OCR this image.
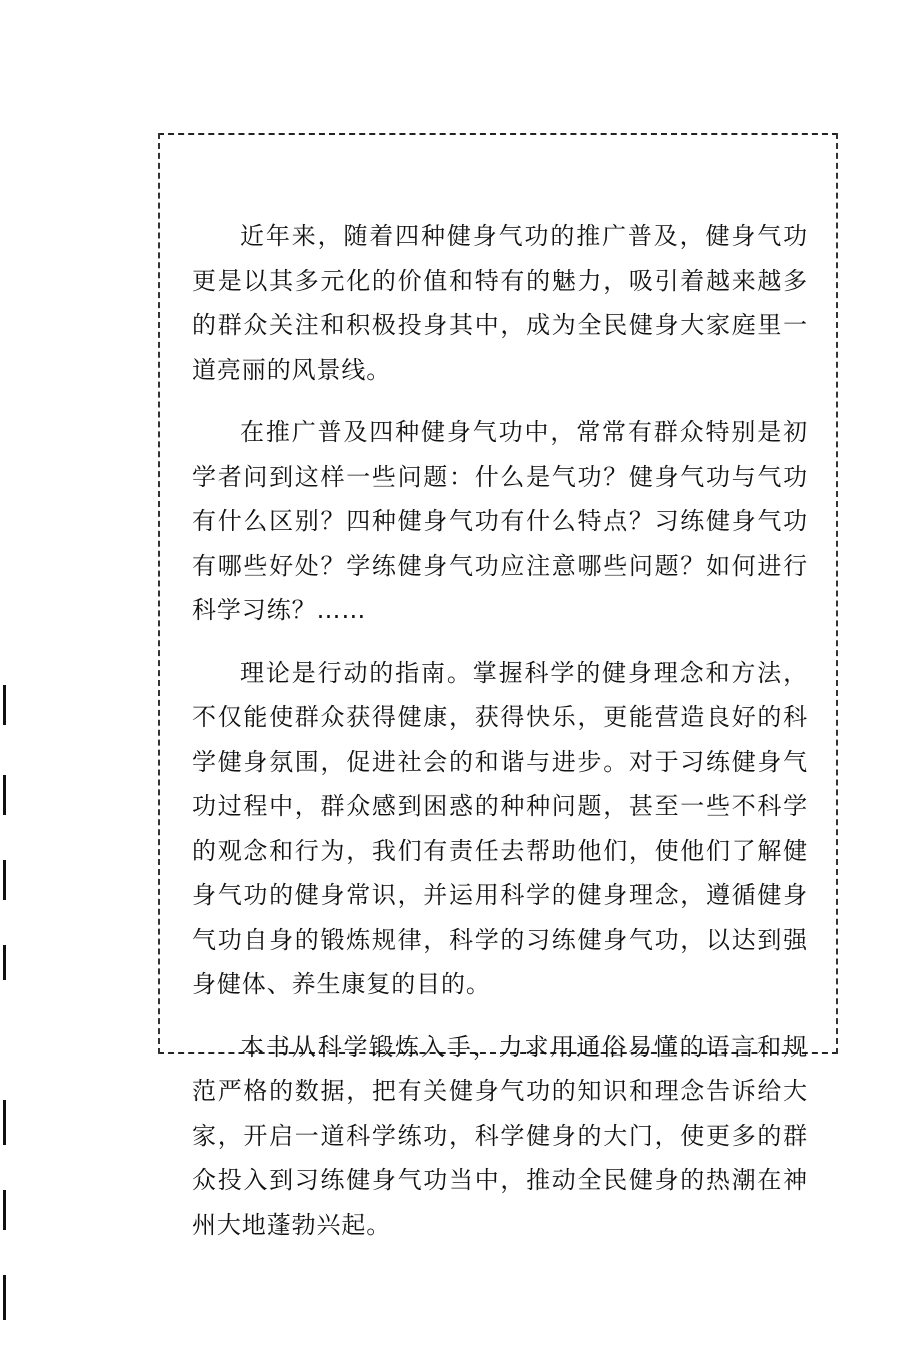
近年来，随着四种健身气功的推广普及，健身气功更是以其多元化的价值和特有的魅力，吸引着越来越多的群众关注和积极投身其中，成为全民健身大家庭里一道亮丽的风景线。

在推广普及四种健身气功中，常常有群众特别是初学者问到这样一些问题：什么是气功？健身气功与气功有什么区别？四种健身气功有什么特点？习练健身气功有哪些好处？学练健身气功应注意哪些问题？如何进行科学习练？……

理论是行动的指南。掌握科学的健身理念和方法，不仅能使群众获得健康，获得快乐，更能营造良好的科学健身氛围，促进社会的和谐与进步。对于习练健身气功过程中，群众感到困惑的种种问题，甚至一些不科学的观念和行为，我们有责任去帮助他们，使他们了解健身气功的健身常识，并运用科学的健身理念，遵循健身气功自身的锻炼规律，科学的习练健身气功，以达到强身健体、养生康复的目的。

本书从科学锻炼入手，力求用通俗易懂的语言和规范严格的数据，把有关健身气功的知识和理念告诉给大家，开启一道科学练功，科学健身的大门，使更多的群众投入到习练健身气功当中，推动全民健身的热潮在神州大地蓬勃兴起。
